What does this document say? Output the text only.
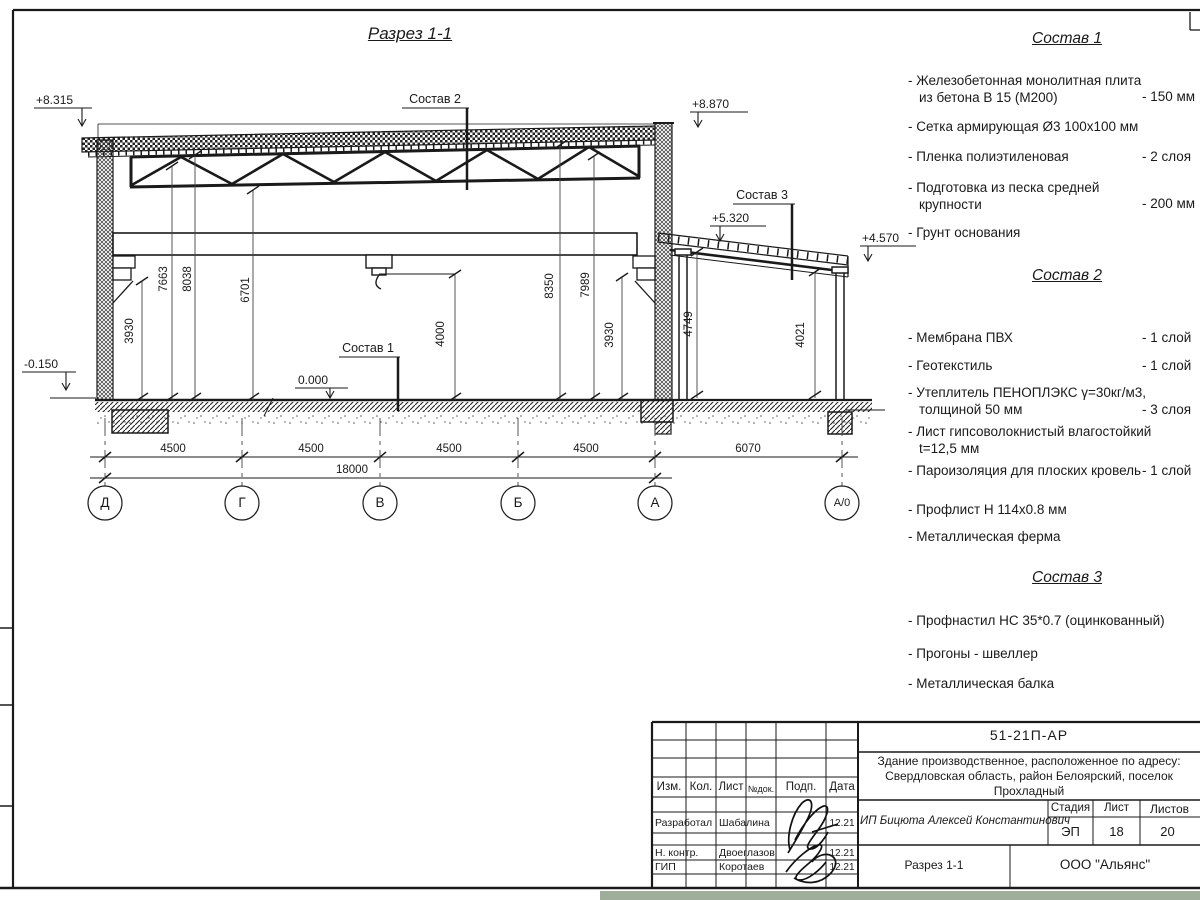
Разрез 1-1
Состав 2
Состав 1
Состав 3
+8.315	+8.870
+5.320
+4.570
0.000
-0.150
3930
7663 8038	6701
4000
8350 7989
3930	4749	4021
4500	4500	4500	4500	6070
18000
Д	Г	В	Б	А	А/0
Состав 1
- Железобетонная монолитная плита из бетона В 15 (М200)	- 150 мм
- Сетка армирующая Ø3 100х100 мм
- Пленка полиэтиленовая	- 2 слоя
- Подготовка из песка средней крупности	- 200 мм
- Грунт основания
Состав 2
- Мембрана ПВХ	- 1 слой
- Геотекстиль	- 1 слой
- Утеплитель ПЕНОПЛЭКС γ=30кг/м3, толщиной 50 мм	- 3 слоя
- Лист гипсоволокнистый влагостойкий t=12,5 мм
- Пароизоляция для плоских кровель - 1 слой
- Профлист Н 114х0.8 мм
- Металлическая ферма
Состав 3
- Профнастил НС 35*0.7 (оцинкованный)
- Прогоны - швеллер
- Металлическая балка
51-21П-АР
Здание производственное, расположенное по адресу: Свердловская область, район Белоярский, поселок Прохладный
Изм. Кол. Лист №док.	Подп.	Дата
Разработал Шабалина	12.21
Н. контр. Двоеглазов	12.21
ГИП	Коротаев	12.21
ИП Бицюта Алексей Константинович
Стадия	Лист	Листов
ЭП	18	20
Разрез 1-1	ООО "Альянс"
